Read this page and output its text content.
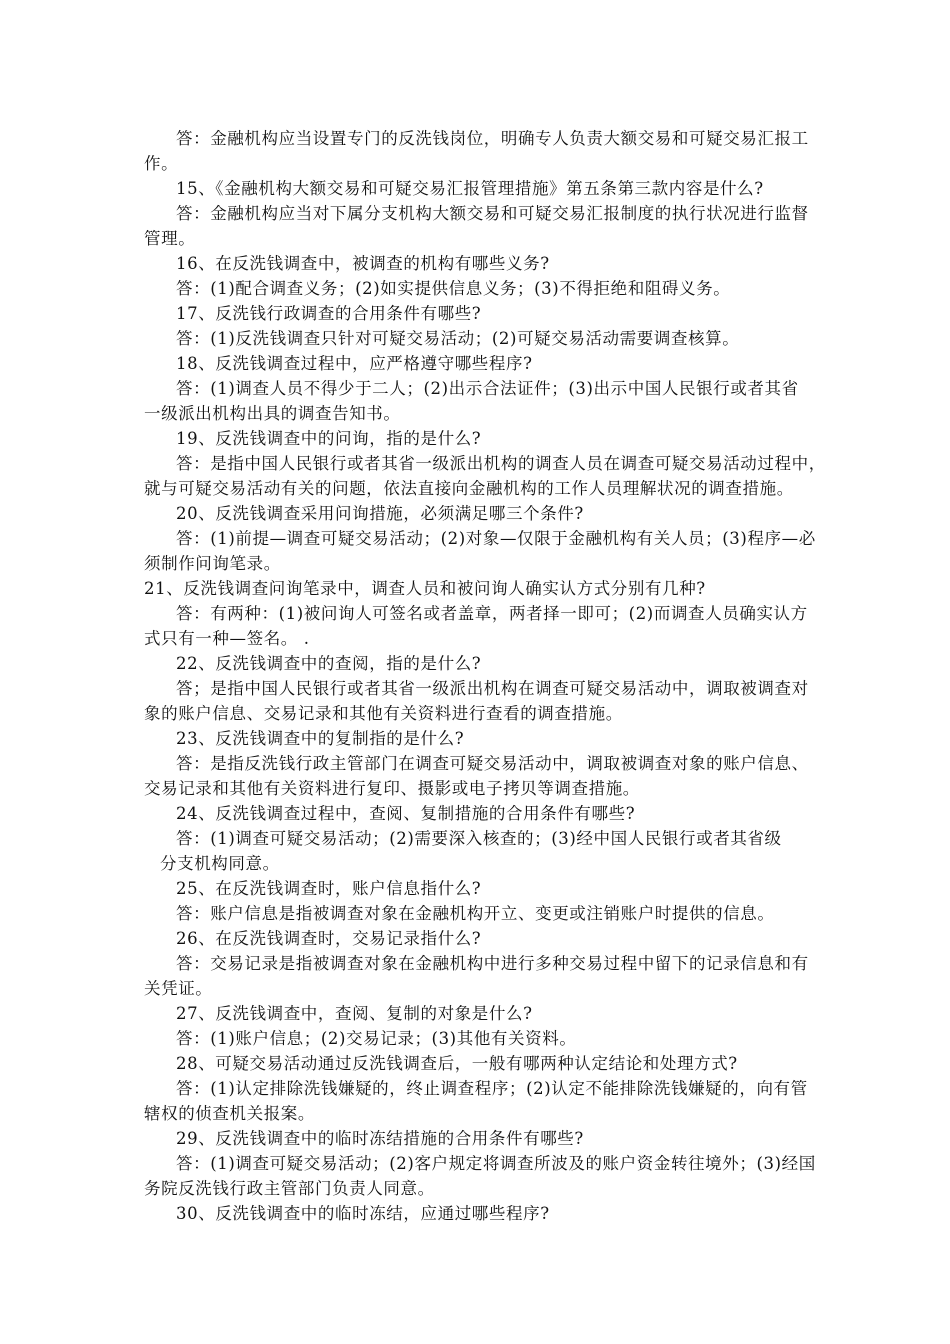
答：金融机构应当设置专门的反洗钱岗位，明确专人负责大额交易和可疑交易汇报工
作。
15、《金融机构大额交易和可疑交易汇报管理措施》第五条第三款内容是什么?
答：金融机构应当对下属分支机构大额交易和可疑交易汇报制度的执行状况进行监督
管理。
16、在反洗钱调查中，被调查的机构有哪些义务?
答：(1)配合调查义务；(2)如实提供信息义务；(3)不得拒绝和阻碍义务。
17、反洗钱行政调查的合用条件有哪些?
答：(1)反洗钱调查只针对可疑交易活动；(2)可疑交易活动需要调查核算。
18、反洗钱调查过程中，应严格遵守哪些程序?
答：(1)调查人员不得少于二人；(2)出示合法证件；(3)出示中国人民银行或者其省
一级派出机构出具的调查告知书。
19、反洗钱调查中的问询，指的是什么?
答：是指中国人民银行或者其省一级派出机构的调查人员在调查可疑交易活动过程中，
就与可疑交易活动有关的问题，依法直接向金融机构的工作人员理解状况的调查措施。
20、反洗钱调查采用问询措施，必须满足哪三个条件?
答：(1)前提—调查可疑交易活动；(2)对象—仅限于金融机构有关人员；(3)程序—必
须制作问询笔录。
21、反洗钱调查问询笔录中，调查人员和被问询人确实认方式分别有几种?
答：有两种：(1)被问询人可签名或者盖章，两者择一即可；(2)而调查人员确实认方
式只有一种—签名。 .
22、反洗钱调查中的查阅，指的是什么?
答；是指中国人民银行或者其省一级派出机构在调查可疑交易活动中，调取被调查对
象的账户信息、交易记录和其他有关资料进行查看的调查措施。
23、反洗钱调查中的复制指的是什么?
答：是指反洗钱行政主管部门在调查可疑交易活动中，调取被调查对象的账户信息、
交易记录和其他有关资料进行复印、摄影或电子拷贝等调查措施。
24、反洗钱调查过程中，查阅、复制措施的合用条件有哪些?
答：(1)调查可疑交易活动；(2)需要深入核查的；(3)经中国人民银行或者其省级
分支机构同意。
25、在反洗钱调查时，账户信息指什么?
答：账户信息是指被调查对象在金融机构开立、变更或注销账户时提供的信息。
26、在反洗钱调查时，交易记录指什么?
答：交易记录是指被调查对象在金融机构中进行多种交易过程中留下的记录信息和有
关凭证。
27、反洗钱调查中，查阅、复制的对象是什么?
答：(1)账户信息；(2)交易记录；(3)其他有关资料。
28、可疑交易活动通过反洗钱调查后，一般有哪两种认定结论和处理方式?
答：(1)认定排除洗钱嫌疑的，终止调查程序；(2)认定不能排除洗钱嫌疑的，向有管
辖权的侦查机关报案。
29、反洗钱调查中的临时冻结措施的合用条件有哪些?
答：(1)调查可疑交易活动；(2)客户规定将调查所波及的账户资金转往境外；(3)经国
务院反洗钱行政主管部门负责人同意。
30、反洗钱调查中的临时冻结，应通过哪些程序?
